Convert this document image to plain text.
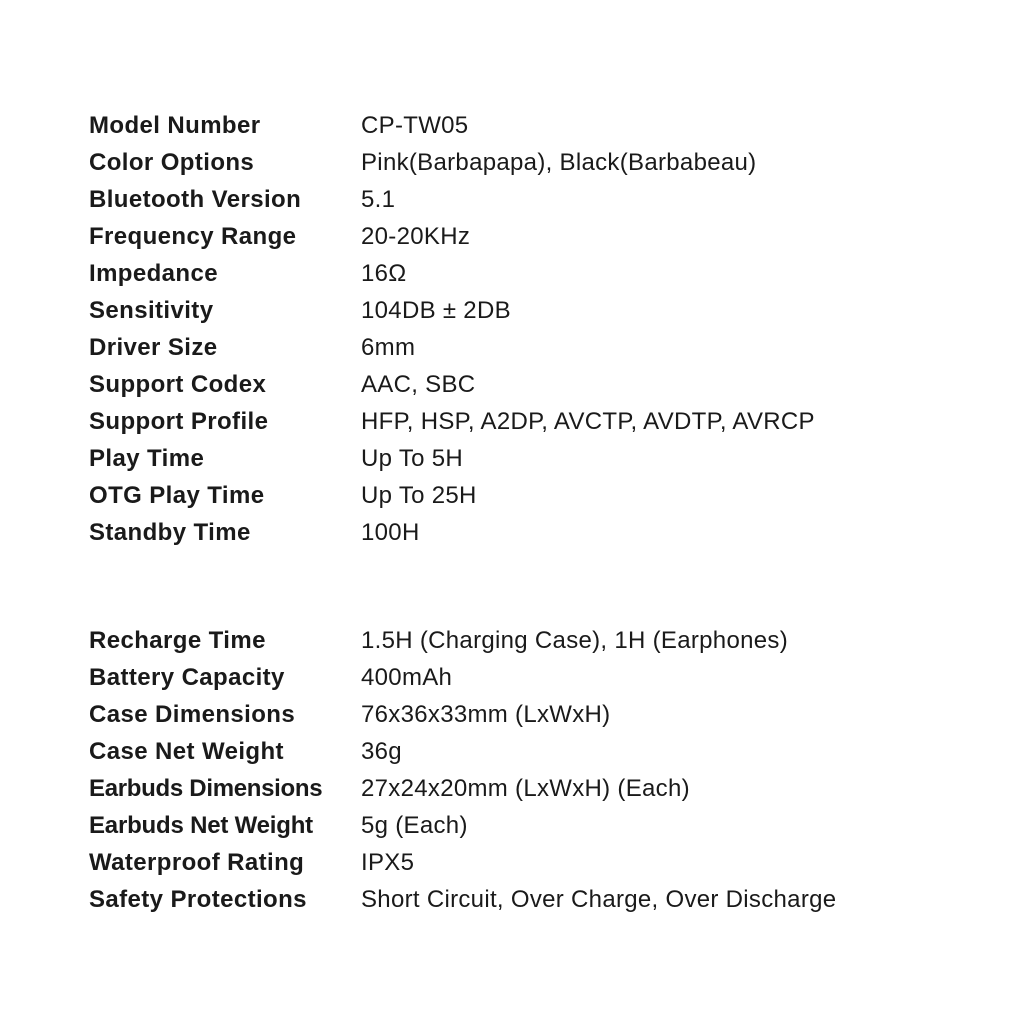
Model Number	CP-TW05
Color Options	Pink(Barbapapa), Black(Barbabeau)
Bluetooth Version	5.1
Frequency Range	20-20KHz
Impedance	16Ω
Sensitivity	104DB ± 2DB
Driver Size	6mm
Support Codex	AAC, SBC
Support Profile	HFP, HSP, A2DP, AVCTP, AVDTP, AVRCP
Play Time	Up To 5H
OTG Play Time	Up To 25H
Standby Time	100H
Recharge Time	1.5H (Charging Case), 1H (Earphones)
Battery Capacity	400mAh
Case Dimensions	76x36x33mm (LxWxH)
Case Net Weight	36g
Earbuds Dimensions	27x24x20mm (LxWxH) (Each)
Earbuds Net Weight	5g (Each)
Waterproof Rating	IPX5
Safety Protections	Short Circuit, Over Charge, Over Discharge
